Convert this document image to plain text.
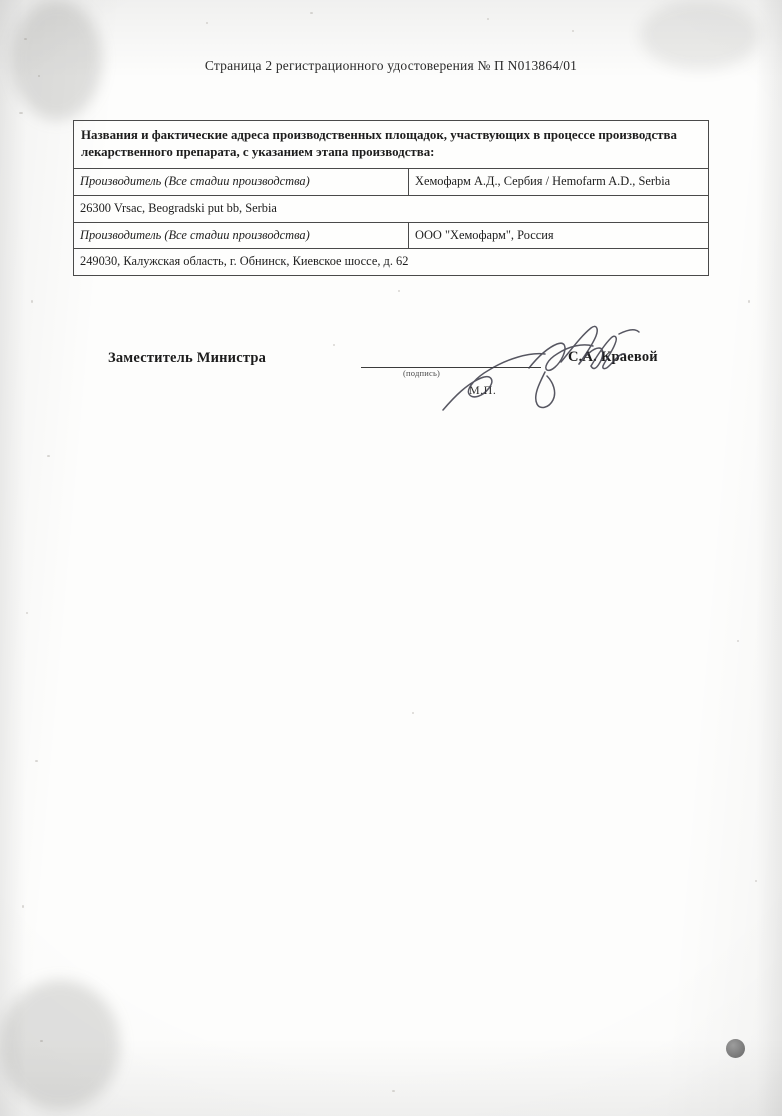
Страница 2 регистрационного удостоверения № П N013864/01
Названия и фактические адреса производственных площадок, участвующих в процессе производства лекарственного препарата, с указанием этапа производства:	
Производитель (Все стадии производства)	Хемофарм А.Д., Сербия / Hemofarm A.D., Serbia
26300 Vrsac, Beogradski put bb, Serbia	
Производитель (Все стадии производства)	ООО "Хемофарм", Россия
249030, Калужская область, г. Обнинск, Киевское шоссе, д. 62	
Заместитель Министра
(подпись)
М.П.
С.А. Краевой
